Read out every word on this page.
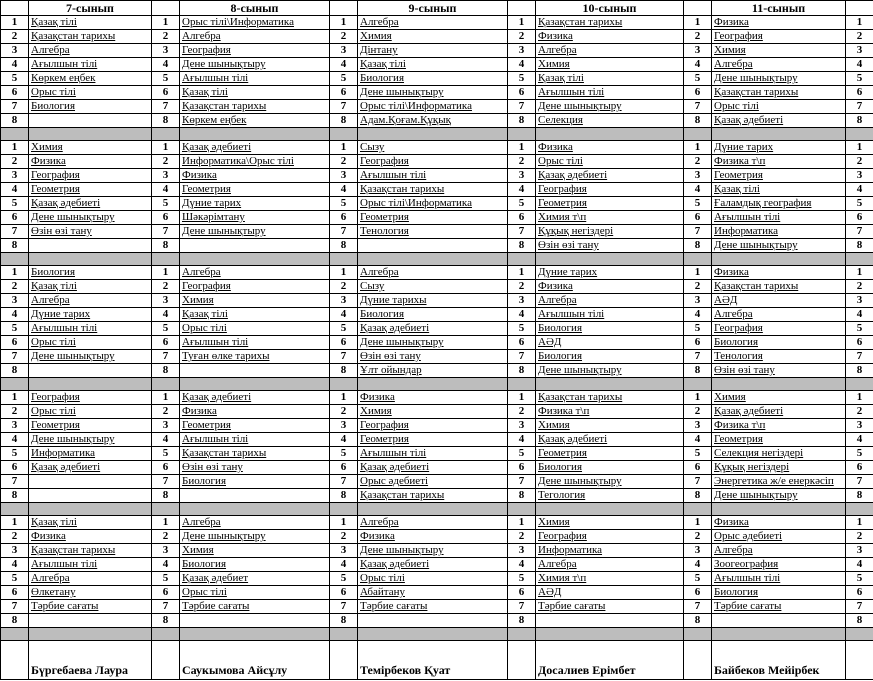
	7-сынып		8-сынып		9-сынып		10-сынып		11-сынып	
1	Қазақ тілі	1	Орыс тілі\Информатика	1	Алгебра	1	Қазақстан тарихы	1	Физика	1
2	Қазақстан тарихы	2	Алгебра	2	Химия	2	Физика	2	География	2
3	Алгебра	3	География	3	Дінтану	3	Алгебра	3	Химия	3
4	Ағылшын тілі	4	Дене шынықтыру	4	Қазақ тілі	4	Химия	4	Алгебра	4
5	Көркем еңбек	5	Ағылшын тілі	5	Биология	5	Қазақ тілі	5	Дене шынықтыру	5
6	Орыс тілі	6	Қазақ тілі	6	Дене шынықтыру	6	Ағылшын тілі	6	Қазақстан тарихы	6
7	Биология	7	Қазақстан тарихы	7	Орыс тілі\Информатика	7	Дене шынықтыру	7	Орыс тілі	7
8		8	Көркем еңбек	8	Адам.Қоғам.Құқық	8	Селекция	8	Қазақ әдебиеті	8

1	Химия	1	Қазақ әдебиеті	1	Сызу	1	Физика	1	Дүние тарих	1
2	Физика	2	Информатика\Орыс тілі	2	География	2	Орыс тілі	2	Физика т\п	2
3	География	3	Физика	3	Ағылшын тілі	3	Қазақ әдебиеті	3	Геометрия	3
4	Геометрия	4	Геометрия	4	Қазақстан тарихы	4	География	4	Қазақ тілі	4
5	Қазақ әдебиеті	5	Дүние тарих	5	Орыс тілі\Информатика	5	Геометрия	5	Ғаламдық география	5
6	Дене шынықтыру	6	Шәкәрімтану	6	Геометрия	6	Химия т\п	6	Ағылшын тілі	6
7	Өзін өзі тану	7	Дене шынықтыру	7	Тенология	7	Құқық негіздері	7	Информатика	7
8		8		8		8	Өзін өзі тану	8	Дене шынықтыру	8

1	Биология	1	Алгебра	1	Алгебра	1	Дүние тарих	1	Физика	1
2	Қазақ тілі	2	География	2	Сызу	2	Физика	2	Қазақстан тарихы	2
3	Алгебра	3	Химия	3	Дүние тарихы	3	Алгебра	3	АӘД	3
4	Дүние тарих	4	Қазақ тілі	4	Биология	4	Ағылшын тілі	4	Алгебра	4
5	Ағылшын тілі	5	Орыс тілі	5	Қазақ әдебиеті	5	Биология	5	География	5
6	Орыс тілі	6	Ағылшын тілі	6	Дене шынықтыру	6	АӘД	6	Биология	6
7	Дене шынықтыру	7	Туған өлке тарихы	7	Өзін өзі тану	7	Биология	7	Тенология	7
8		8		8	Ұлт ойындар	8	Дене шынықтыру	8	Өзін өзі тану	8

1	География	1	Қазақ әдебиеті	1	Физика	1	Қазақстан тарихы	1	Химия	1
2	Орыс тілі	2	Физика	2	Химия	2	Физика т\п	2	Қазақ әдебиеті	2
3	Геометрия	3	Геометрия	3	География	3	Химия	3	Физика т\п	3
4	Дене шынықтыру	4	Ағылшын тілі	4	Геометрия	4	Қазақ әдебиеті	4	Геометрия	4
5	Информатика	5	Қазақстан тарихы	5	Ағылшын тілі	5	Геометрия	5	Селекция негіздері	5
6	Қазақ әдебиеті	6	Өзін өзі тану	6	Қазақ әдебиеті	6	Биология	6	Құқық негіздері	6
7		7	Биология	7	Орыс әдебиеті	7	Дене шынықтыру	7	Энергетика ж/е енеркәсіп	7
8		8		8	Қазақстан тарихы	8	Тегология	8	Дене шынықтыру	8

1	Қазақ тілі	1	Алгебра	1	Алгебра	1	Химия	1	Физика	1
2	Физика	2	Дене шынықтыру	2	Физика	2	География	2	Орыс әдебиеті	2
3	Қазақстан тарихы	3	Химия	3	Дене шынықтыру	3	Информатика	3	Алгебра	3
4	Ағылшын тілі	4	Биология	4	Қазақ әдебиеті	4	Алгебра	4	Зоогеография	4
5	Алгебра	5	Қазақ әдебиет	5	Орыс тілі	5	Химия т\п	5	Ағылшын тілі	5
6	Өлкетану	6	Орыс тілі	6	Абайтану	6	АӘД	6	Биология	6
7	Тәрбие сағаты	7	Тәрбие сағаты	7	Тәрбие сағаты	7	Тәрбие сағаты	7	Тәрбие сағаты	7
8		8		8		8		8		8

	Бүргебаева Лаура		Саукымова Айсұлу		Темірбеков Қуат		Досалиев Ерімбет		Байбеков Мейірбек	
